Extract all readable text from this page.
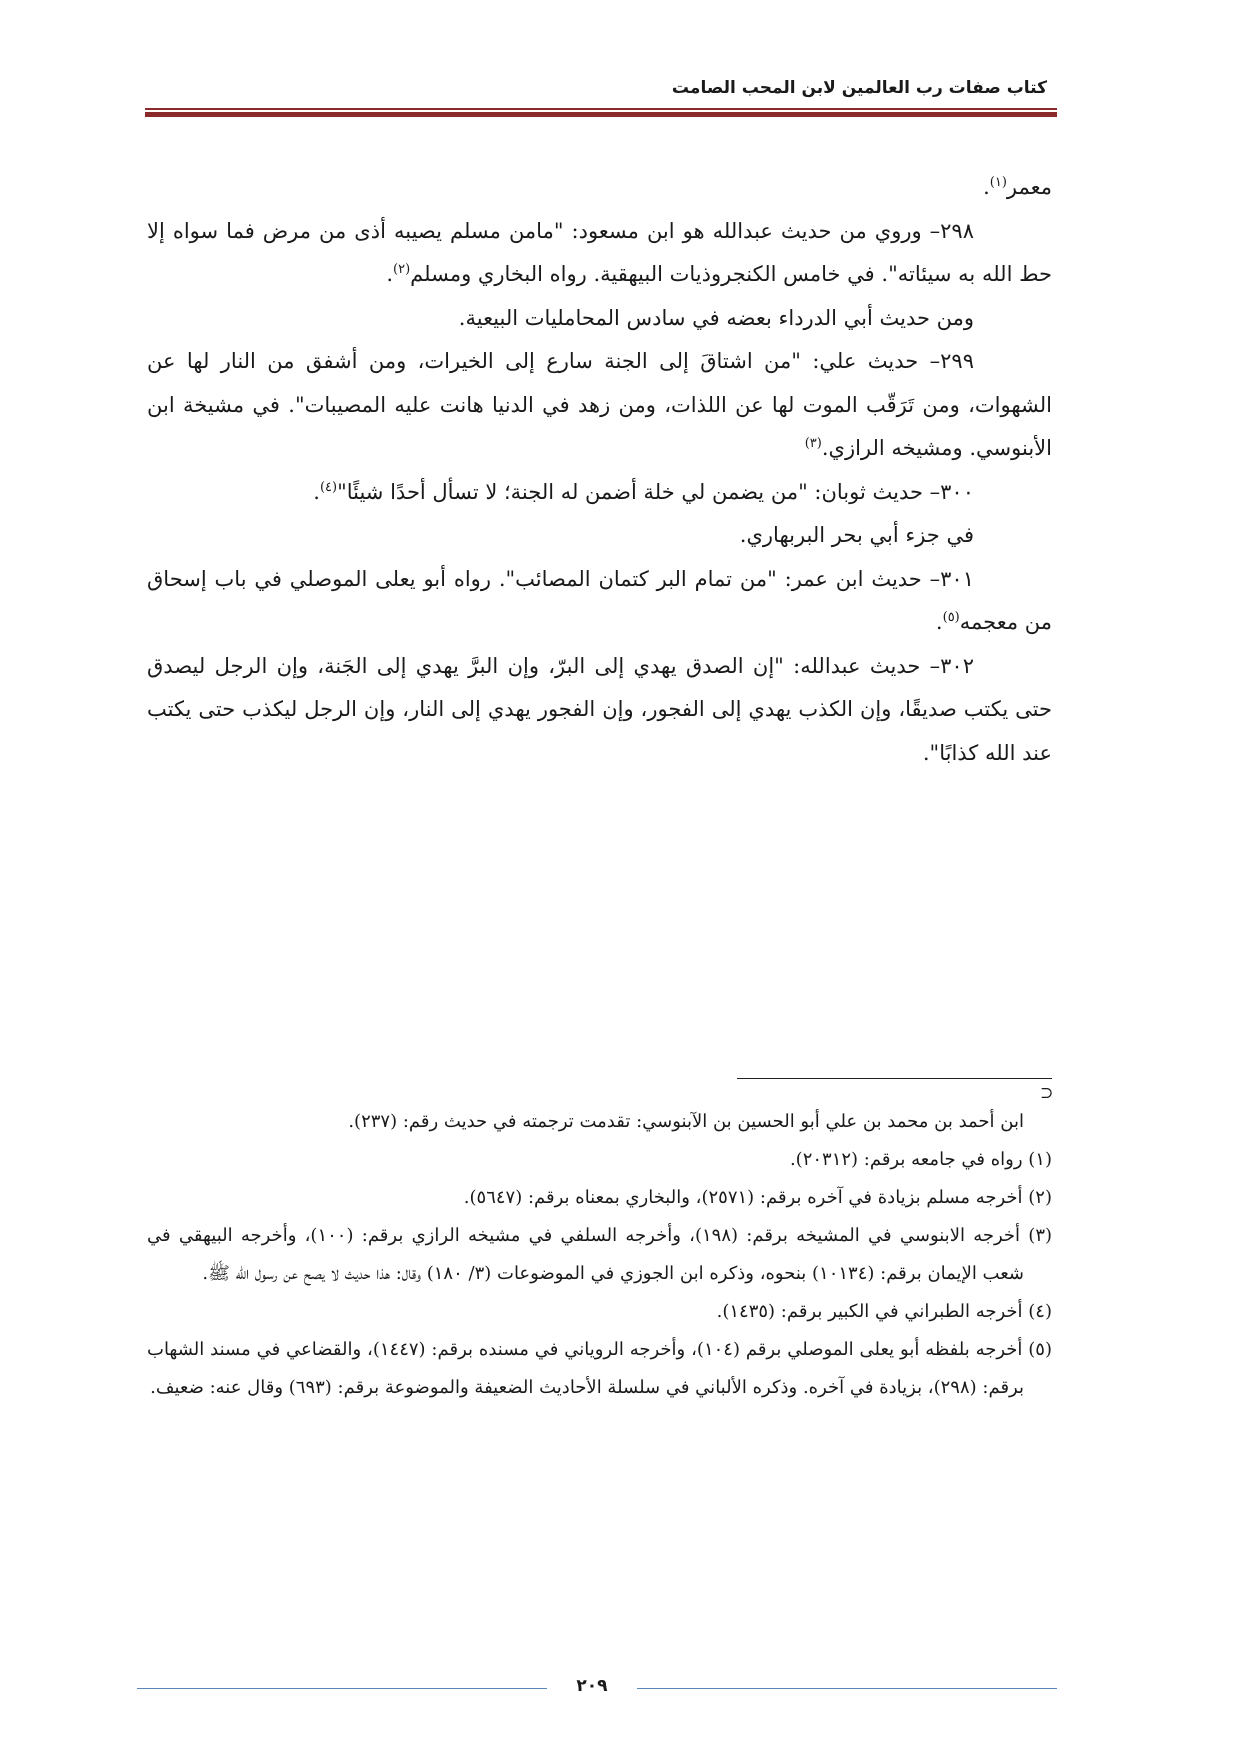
كتاب صفات رب العالمين لابن المحب الصامت

معمر$^{(١)}$.

٢٩٨– وروي من حديث عبدالله هو ابن مسعود: "مامن مسلم يصيبه أذى من مرض فما سواه إلا حط الله به سيئاته". في خامس الكنجروذيات البيهقية. رواه البخاري ومسلم$^{(٢)}$.

ومن حديث أبي الدرداء بعضه في سادس المحامليات البيعية.

٢٩٩– حديث علي: "من اشتاقَ إلى الجنة سارع إلى الخيرات، ومن أشفق من النار لها عن الشهوات، ومن تَرَقّب الموت لها عن اللذات، ومن زهد في الدنيا هانت عليه المصيبات". في مشيخة ابن الأبنوسي. ومشيخه الرازي.$^{(٣)}$

٣٠٠– حديث ثوبان: "من يضمن لي خلة أضمن له الجنة؛ لا تسأل أحدًا شيئًا"$^{(٤)}$.

في جزء أبي بحر البربهاري.

٣٠١– حديث ابن عمر: "من تمام البر كتمان المصائب". رواه أبو يعلى الموصلي في باب إسحاق من معجمه$^{(٥)}$.

٣٠٢– حديث عبدالله: "إن الصدق يهدي إلى البرّ، وإن البرَّ يهدي إلى الجَنة، وإن الرجل ليصدق حتى يكتب صديقًا، وإن الكذب يهدي إلى الفجور، وإن الفجور يهدي إلى النار، وإن الرجل ليكذب حتى يكتب عند الله كذابًا".

⊃

ابن أحمد بن محمد بن علي أبو الحسين بن الآبنوسي: تقدمت ترجمته في حديث رقم: (٢٣٧).

(١) رواه في جامعه برقم: (٢٠٣١٢).

(٢) أخرجه مسلم بزيادة في آخره برقم: (٢٥٧١)، والبخاري بمعناه برقم: (٥٦٤٧).

(٣) أخرجه الابنوسي في المشيخه برقم: (١٩٨)، وأخرجه السلفي في مشيخه الرازي برقم: (١٠٠)، وأخرجه البيهقي في شعب الإيمان برقم: (١٠١٣٤) بنحوه، وذكره ابن الجوزي في الموضوعات (٣/ ١٨٠) وقال: هذا حديث لا يصح عن رسول الله ﷺ.

(٤) أخرجه الطبراني في الكبير برقم: (١٤٣٥).

(٥) أخرجه بلفظه أبو يعلى الموصلي برقم (١٠٤)، وأخرجه الروياني في مسنده برقم: (١٤٤٧)، والقضاعي في مسند الشهاب برقم: (٢٩٨)، بزيادة في آخره. وذكره الألباني في سلسلة الأحاديث الضعيفة والموضوعة برقم: (٦٩٣) وقال عنه: ضعيف.

٢٠٩
